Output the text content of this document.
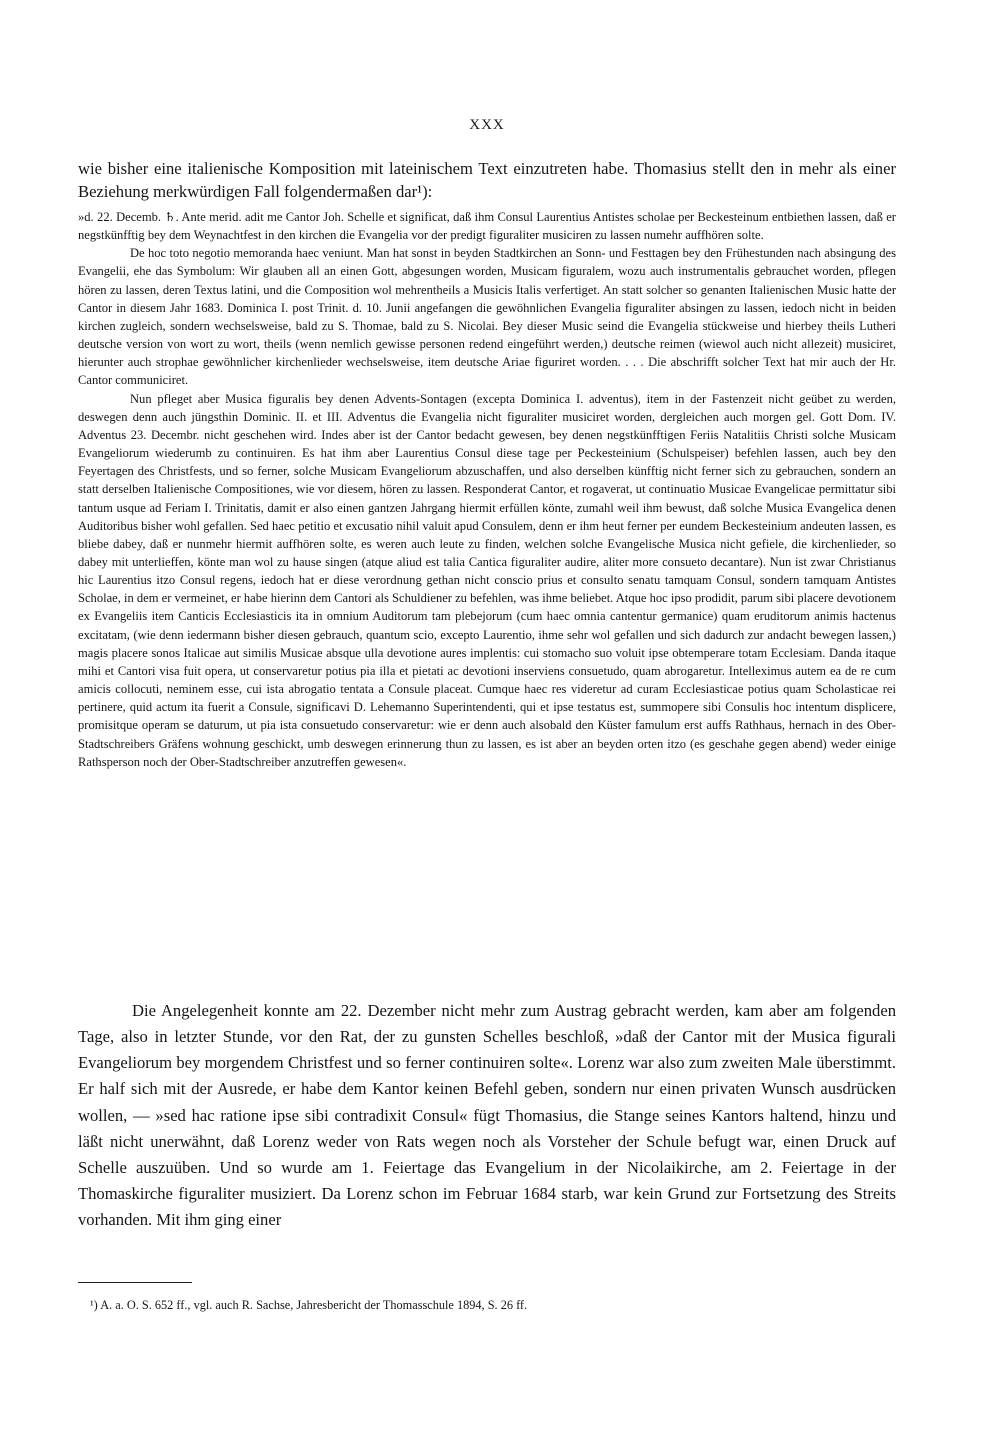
XXX
wie bisher eine italienische Komposition mit lateinischem Text einzutreten habe. Thomasius stellt den in mehr als einer Beziehung merkwürdigen Fall folgendermaßen dar¹):

»d. 22. Decemb. ♄. Ante merid. adit me Cantor Joh. Schelle et significat, daß ihm Consul Laurentius Antistes scholae per Beckesteinum entbiethen lassen, daß er negstkünfftig bey dem Weynachtfest in den kirchen die Evangelia vor der predigt figuraliter musiciren zu lassen numehr auffhören solte.

De hoc toto negotio memoranda haec veniunt. Man hat sonst in beyden Stadtkirchen an Sonn- und Festtagen bey den Frühestunden nach absingung des Evangelii, ehe das Symbolum: Wir glauben all an einen Gott, abgesungen worden, Musicam figuralem, wozu auch instrumentalis gebrauchet worden, pflegen hören zu lassen, deren Textus latini, und die Composition wol mehrentheils a Musicis Italis verfertiget. An statt solcher so genanten Italienischen Music hatte der Cantor in diesem Jahr 1683. Dominica I. post Trinit. d. 10. Junii angefangen die gewöhnlichen Evangelia figuraliter absingen zu lassen, iedoch nicht in beiden kirchen zugleich, sondern wechselsweise, bald zu S. Thomae, bald zu S. Nicolai. Bey dieser Music seind die Evangelia stückweise und hierbey theils Lutheri deutsche version von wort zu wort, theils (wenn nemlich gewisse personen redend eingeführt werden,) deutsche reimen (wiewol auch nicht allezeit) musiciret, hierunter auch strophae gewöhnlicher kirchenlieder wechselsweise, item deutsche Ariae figuriret worden. . . . Die abschrifft solcher Text hat mir auch der Hr. Cantor communiciret.

Nun pfleget aber Musica figuralis bey denen Advents-Sontagen (excepta Dominica I. adventus), item in der Fastenzeit nicht geübet zu werden, deswegen denn auch jüngsthin Dominic. II. et III. Adventus die Evangelia nicht figuraliter musiciret worden, dergleichen auch morgen gel. Gott Dom. IV. Adventus 23. Decembr. nicht geschehen wird. Indes aber ist der Cantor bedacht gewesen, bey denen negstkünfftigen Feriis Natalitiis Christi solche Musicam Evangeliorum wiederumb zu continuiren. Es hat ihm aber Laurentius Consul diese tage per Peckesteinium (Schulspeiser) befehlen lassen, auch bey den Feyertagen des Christfests, und so ferner, solche Musicam Evangeliorum abzuschaffen, und also derselben künfftig nicht ferner sich zu gebrauchen, sondern an statt derselben Italienische Compositiones, wie vor diesem, hören zu lassen. Responderat Cantor, et rogaverat, ut continuatio Musicae Evangelicae permittatur sibi tantum usque ad Feriam I. Trinitatis, damit er also einen gantzen Jahrgang hiermit erfüllen könte, zumahl weil ihm bewust, daß solche Musica Evangelica denen Auditoribus bisher wohl gefallen. Sed haec petitio et excusatio nihil valuit apud Consulem, denn er ihm heut ferner per eundem Beckesteinium andeuten lassen, es bliebe dabey, daß er nunmehr hiermit auffhören solte, es weren auch leute zu finden, welchen solche Evangelische Musica nicht gefiele, die kirchenlieder, so dabey mit unterlieffen, könte man wol zu hause singen (atque aliud est talia Cantica figuraliter audire, aliter more consueto decantare). Nun ist zwar Christianus hic Laurentius itzo Consul regens, iedoch hat er diese verordnung gethan nicht conscio prius et consulto senatu tamquam Consul, sondern tamquam Antistes Scholae, in dem er vermeinet, er habe hierinn dem Cantori als Schuldiener zu befehlen, was ihme beliebet. Atque hoc ipso prodidit, parum sibi placere devotionem ex Evangeliis item Canticis Ecclesiasticis ita in omnium Auditorum tam plebejorum (cum haec omnia cantentur germanice) quam eruditorum animis hactenus excitatam, (wie denn iedermann bisher diesen gebrauch, quantum scio, excepto Laurentio, ihme sehr wol gefallen und sich dadurch zur andacht bewegen lassen,) magis placere sonos Italicae aut similis Musicae absque ulla devotione aures implentis: cui stomacho suo voluit ipse obtemperare totam Ecclesiam. Danda itaque mihi et Cantori visa fuit opera, ut conservaretur potius pia illa et pietati ac devotioni inserviens consuetudo, quam abrogaretur. Intelleximus autem ea de re cum amicis collocuti, neminem esse, cui ista abrogatio tentata a Consule placeat. Cumque haec res videretur ad curam Ecclesiasticae potius quam Scholasticae rei pertinere, quid actum ita fuerit a Consule, significavi D. Lehemanno Superintendenti, qui et ipse testatus est, summopere sibi Consulis hoc intentum displicere, promisitque operam se daturum, ut pia ista consuetudo conservaretur: wie er denn auch alsobald den Küster famulum erst auffs Rathhaus, hernach in des Ober-Stadtschreibers Gräfens wohnung geschickt, umb deswegen erinnerung thun zu lassen, es ist aber an beyden orten itzo (es geschahe gegen abend) weder einige Rathsperson noch der Ober-Stadtschreiber anzutreffen gewesen«.

Die Angelegenheit konnte am 22. Dezember nicht mehr zum Austrag gebracht werden, kam aber am folgenden Tage, also in letzter Stunde, vor den Rat, der zu gunsten Schelles beschloß, »daß der Cantor mit der Musica figurali Evangeliorum bey morgendem Christfest und so ferner continuiren solte«. Lorenz war also zum zweiten Male überstimmt. Er half sich mit der Ausrede, er habe dem Kantor keinen Befehl geben, sondern nur einen privaten Wunsch ausdrücken wollen, — »sed hac ratione ipse sibi contradixit Consul« fügt Thomasius, die Stange seines Kantors haltend, hinzu und läßt nicht unerwähnt, daß Lorenz weder von Rats wegen noch als Vorsteher der Schule befugt war, einen Druck auf Schelle auszuüben. Und so wurde am 1. Feiertage das Evangelium in der Nicolaikirche, am 2. Feiertage in der Thomaskirche figuraliter musiziert. Da Lorenz schon im Februar 1684 starb, war kein Grund zur Fortsetzung des Streits vorhanden. Mit ihm ging einer

¹) A. a. O. S. 652 ff., vgl. auch R. Sachse, Jahresbericht der Thomasschule 1894, S. 26 ff.
